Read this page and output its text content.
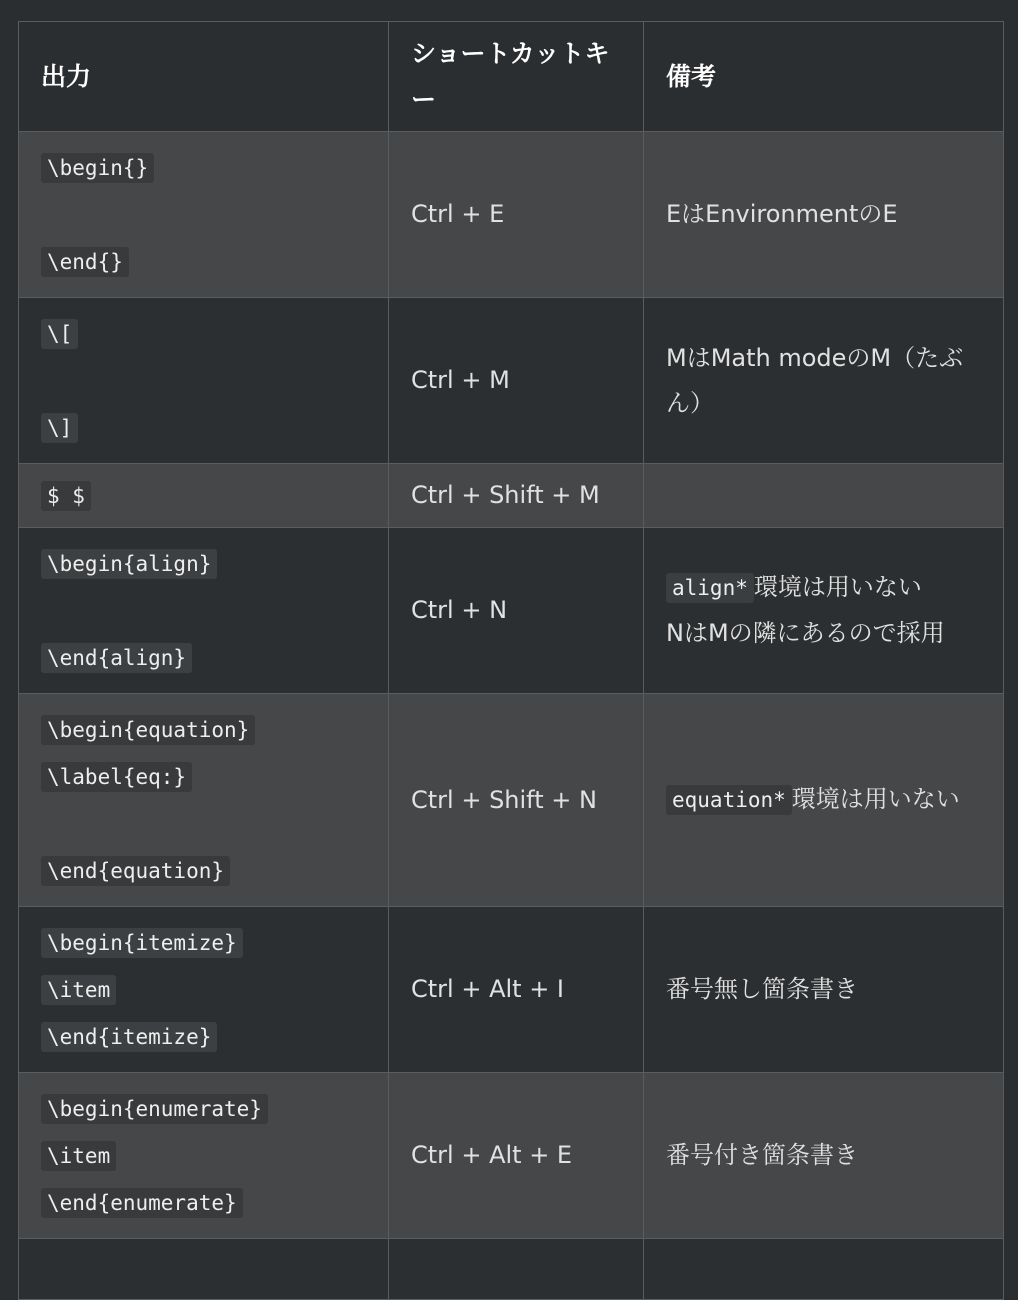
出力	ショートカットキー	備考

\begin{}
\end{}	Ctrl + E	EはEnvironmentのE

\[
\]	Ctrl + M	MはMath modeのM（たぶん）

$ $	Ctrl + Shift + M	

\begin{align}
\end{align}	Ctrl + N	align* 環境は用いない
NはMの隣にあるので採用

\begin{equation}
\label{eq:}
\end{equation}	Ctrl + Shift + N	equation* 環境は用いない

\begin{itemize}
\item
\end{itemize}	Ctrl + Alt + I	番号無し箇条書き

\begin{enumerate}
\item
\end{enumerate}	Ctrl + Alt + E	番号付き箇条書き
